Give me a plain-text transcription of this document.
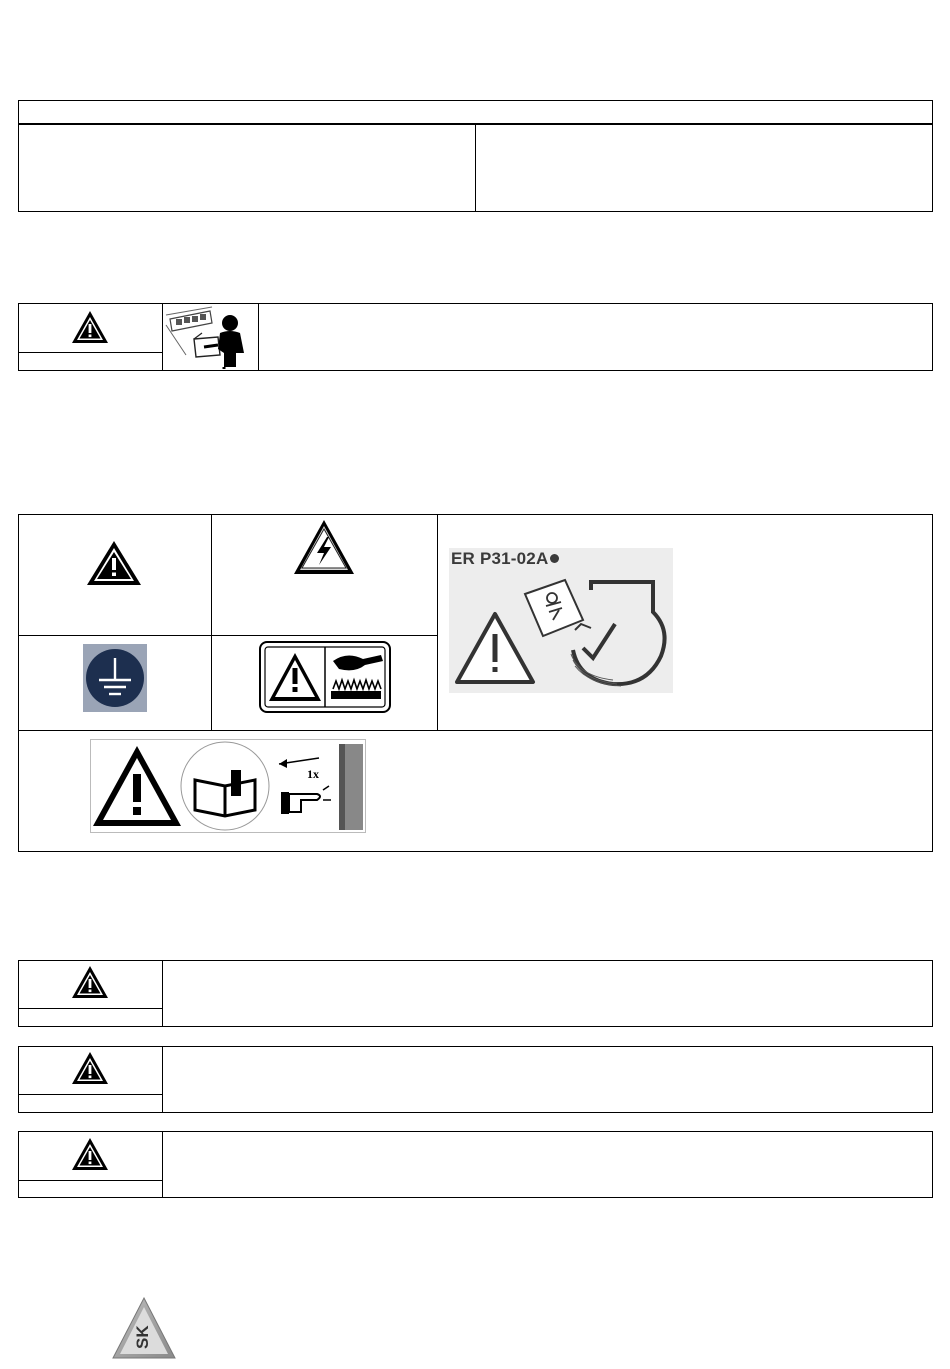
ER P31-02A
1x
SK
